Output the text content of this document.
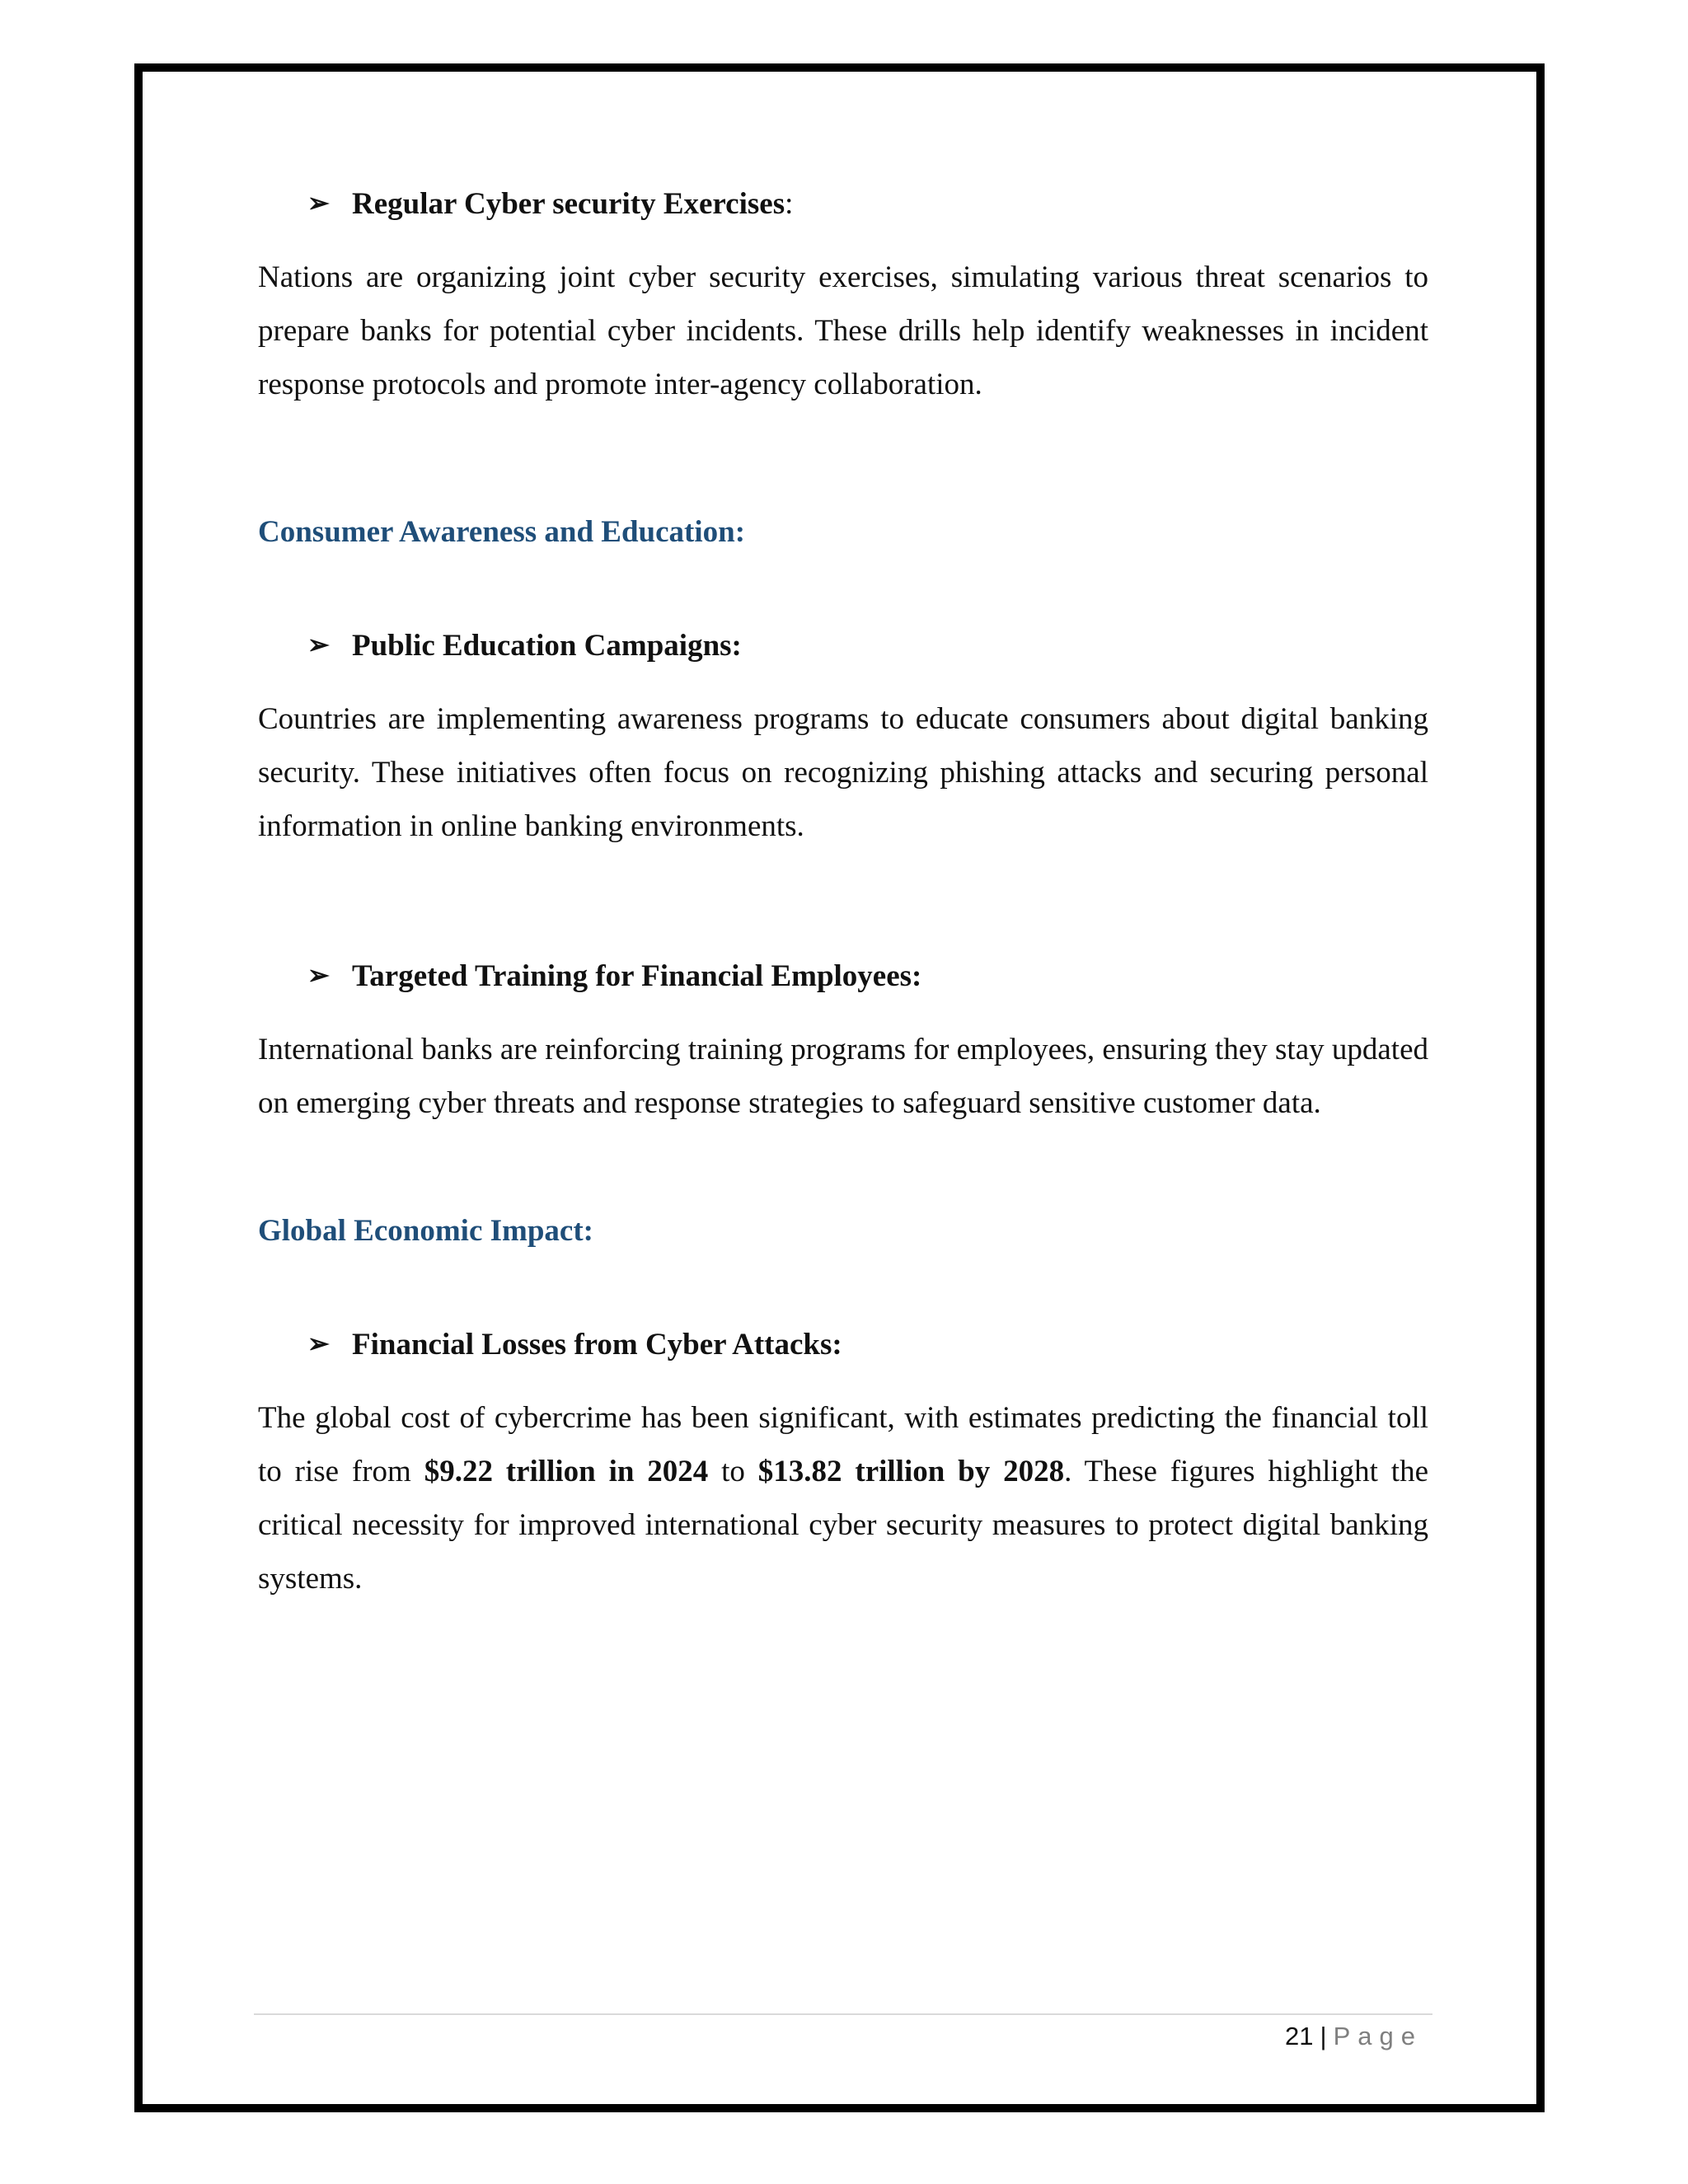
➢ Regular Cyber security Exercises:
Nations are organizing joint cyber security exercises, simulating various threat scenarios to prepare banks for potential cyber incidents. These drills help identify weaknesses in incident response protocols and promote inter-agency collaboration.
Consumer Awareness and Education:
➢ Public Education Campaigns:
Countries are implementing awareness programs to educate consumers about digital banking security. These initiatives often focus on recognizing phishing attacks and securing personal information in online banking environments.
➢ Targeted Training for Financial Employees:
International banks are reinforcing training programs for employees, ensuring they stay updated on emerging cyber threats and response strategies to safeguard sensitive customer data.
Global Economic Impact:
➢ Financial Losses from Cyber Attacks:
The global cost of cybercrime has been significant, with estimates predicting the financial toll to rise from $9.22 trillion in 2024 to $13.82 trillion by 2028. These figures highlight the critical necessity for improved international cyber security measures to protect digital banking systems.
21 | Page
